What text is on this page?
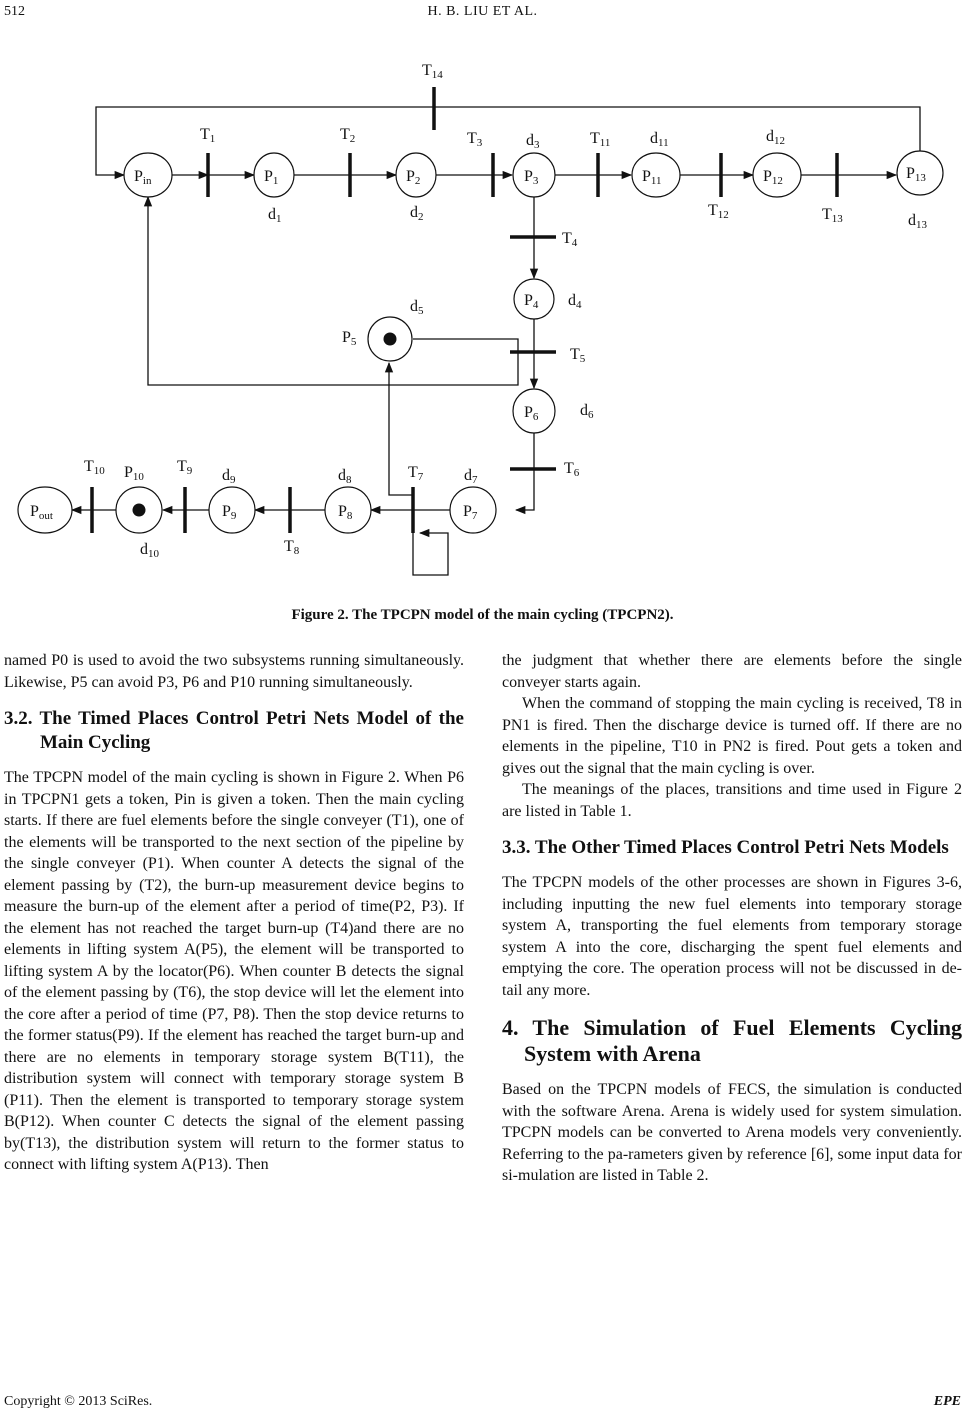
512	H. B. LIU ET AL.
Pin	P1	P2	P3	P11	P12	P13
P4
P5
P6
P7
P8
P9
P10
Pout
T14
T1	T2	T3	T11
T12	T13
T4
T5
T6
T7
T8
T9
T10
d1	d2
d3	d11	d12
d13
d4
d5
d6
d7
d8
d9
d10
Figure 2. The TPCPN model of the main cycling (TPCPN2).

named P0 is used to avoid the two subsystems running simultaneously. Likewise, P5 can avoid P3, P6 and P10 running simultaneously.

3.2. The Timed Places Control Petri Nets Model of the Main Cycling

The TPCPN model of the main cycling is shown in Figure 2. When P6 in TPCPN1 gets a token, Pin is given a token. Then the main cycling starts. If there are fuel elements before the single conveyer (T1), one of the elements will be transported to the next section of the pipeline by the single conveyer (P1). When counter A detects the signal of the element passing by (T2), the burn-up measurement device begins to measure the burn-up of the element after a period of time(P2, P3). If the element has not reached the target burn-up (T4)and there are no elements in lifting system A(P5), the element will be transported to lifting system A by the locator(P6). When counter B detects the signal of the element passing by (T6), the stop device will let the element into the core after a period of time (P7, P8). Then the stop device returns to the former status(P9). If the element has reached the target burn-up and there are no elements in temporary storage system B(T11), the distribution system will connect with temporary storage system B (P11). Then the element is transported to temporary storage system B(P12). When counter C detects the signal of the element passing by(T13), the distribution system will return to the former status to connect with lifting system A(P13). Then

the judgment that whether there are elements before the single conveyer starts again.

When the command of stopping the main cycling is received, T8 in PN1 is fired. Then the discharge device is turned off. If there are no elements in the pipeline, T10 in PN2 is fired. Pout gets a token and gives out the signal that the main cycling is over.

The meanings of the places, transitions and time used in Figure 2 are listed in Table 1.

3.3. The Other Timed Places Control Petri Nets Models

The TPCPN models of the other processes are shown in Figures 3-6, including inputting the new fuel elements into temporary storage system A, transporting the fuel elements from temporary storage system A into the core, discharging the spent fuel elements and emptying the core. The operation process will not be discussed in de-tail any more.

4. The Simulation of Fuel Elements Cycling System with Arena

Based on the TPCPN models of FECS, the simulation is conducted with the software Arena. Arena is widely used for system simulation. TPCPN models can be converted to Arena models very conveniently. Referring to the pa-rameters given by reference [6], some input data for si-mulation are listed in Table 2.

Copyright © 2013 SciRes.	EPE
